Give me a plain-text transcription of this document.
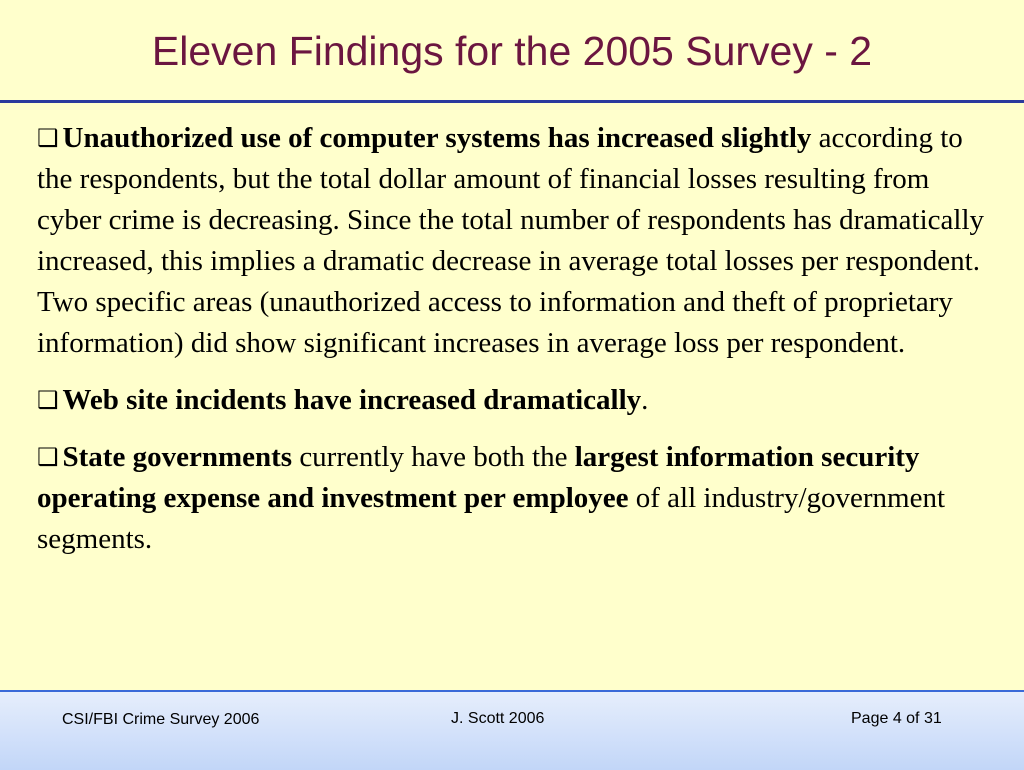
Eleven Findings for the 2005 Survey - 2

❑ Unauthorized use of computer systems has increased slightly according to the respondents, but the total dollar amount of financial losses resulting from cyber crime is decreasing. Since the total number of respondents has dramatically increased, this implies a dramatic decrease in average total losses per respondent. Two specific areas (unauthorized access to information and theft of proprietary information) did show significant increases in average loss per respondent.

❑ Web site incidents have increased dramatically.

❑ State governments currently have both the largest information security operating expense and investment per employee of all industry/government segments.

CSI/FBI Crime Survey 2006	J. Scott 2006	Page 4 of 31
